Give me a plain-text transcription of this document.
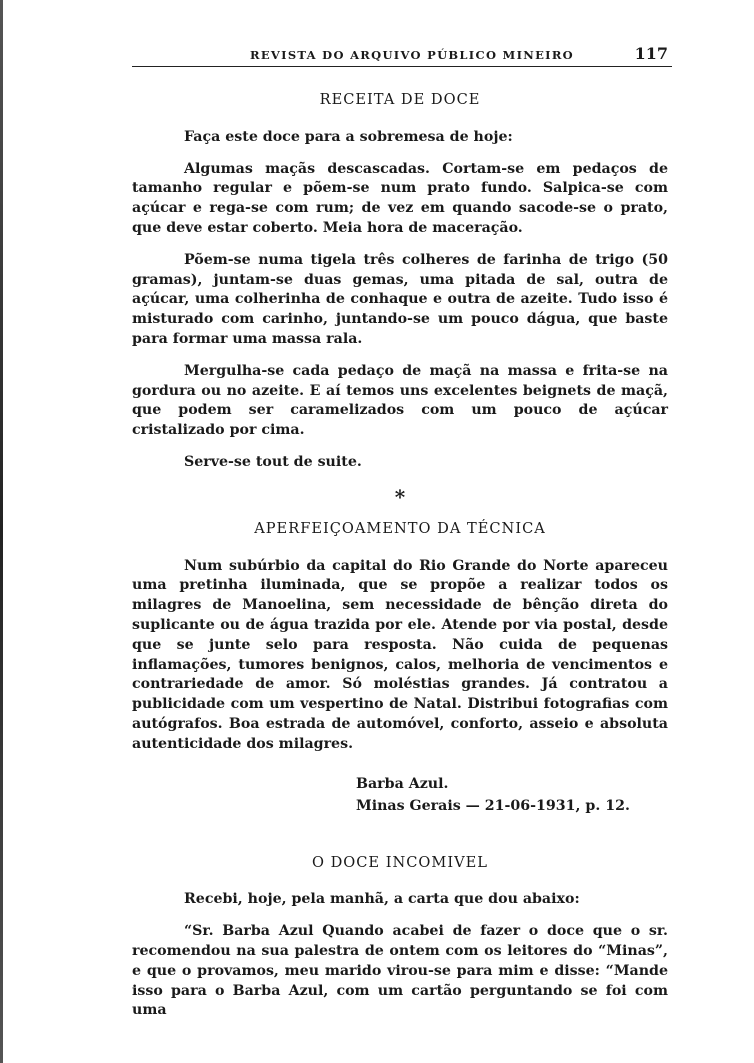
REVISTA DO ARQUIVO PÚBLICO MINEIRO	117
RECEITA DE DOCE

Faça este doce para a sobremesa de hoje:

Algumas maçãs descascadas. Cortam-se em pedaços de tamanho regular e põem-se num prato fundo. Salpica-se com açúcar e rega-se com rum; de vez em quando sacode-se o prato, que deve estar coberto. Meia hora de maceração.

Põem-se numa tigela três colheres de farinha de trigo (50 gramas), juntam-se duas gemas, uma pitada de sal, outra de açúcar, uma colherinha de conhaque e outra de azeite. Tudo isso é misturado com carinho, juntando-se um pouco dágua, que baste para formar uma massa rala.

Mergulha-se cada pedaço de maçã na massa e frita-se na gordura ou no azeite. E aí temos uns excelentes beignets de maçã, que podem ser caramelizados com um pouco de açúcar cristalizado por cima.

Serve-se tout de suite.

*
APERFEIÇOAMENTO DA TÉCNICA

Num subúrbio da capital do Rio Grande do Norte apareceu uma pretinha iluminada, que se propõe a realizar todos os milagres de Manoelina, sem necessidade de bênção direta do suplicante ou de água trazida por ele. Atende por via postal, desde que se junte selo para resposta. Não cuida de pequenas inflamações, tumores benignos, calos, melhoria de vencimentos e contrariedade de amor. Só moléstias grandes. Já contratou a publicidade com um vespertino de Natal. Distribui fotografias com autógrafos. Boa estrada de automóvel, conforto, asseio e absoluta autenticidade dos milagres.

Barba Azul.
Minas Gerais — 21-06-1931, p. 12.
O DOCE INCOMIVEL

Recebi, hoje, pela manhã, a carta que dou abaixo:

“Sr. Barba Azul Quando acabei de fazer o doce que o sr. recomendou na sua palestra de ontem com os leitores do “Minas”, e que o provamos, meu marido virou-se para mim e disse: “Mande isso para o Barba Azul, com um cartão perguntando se foi com uma
